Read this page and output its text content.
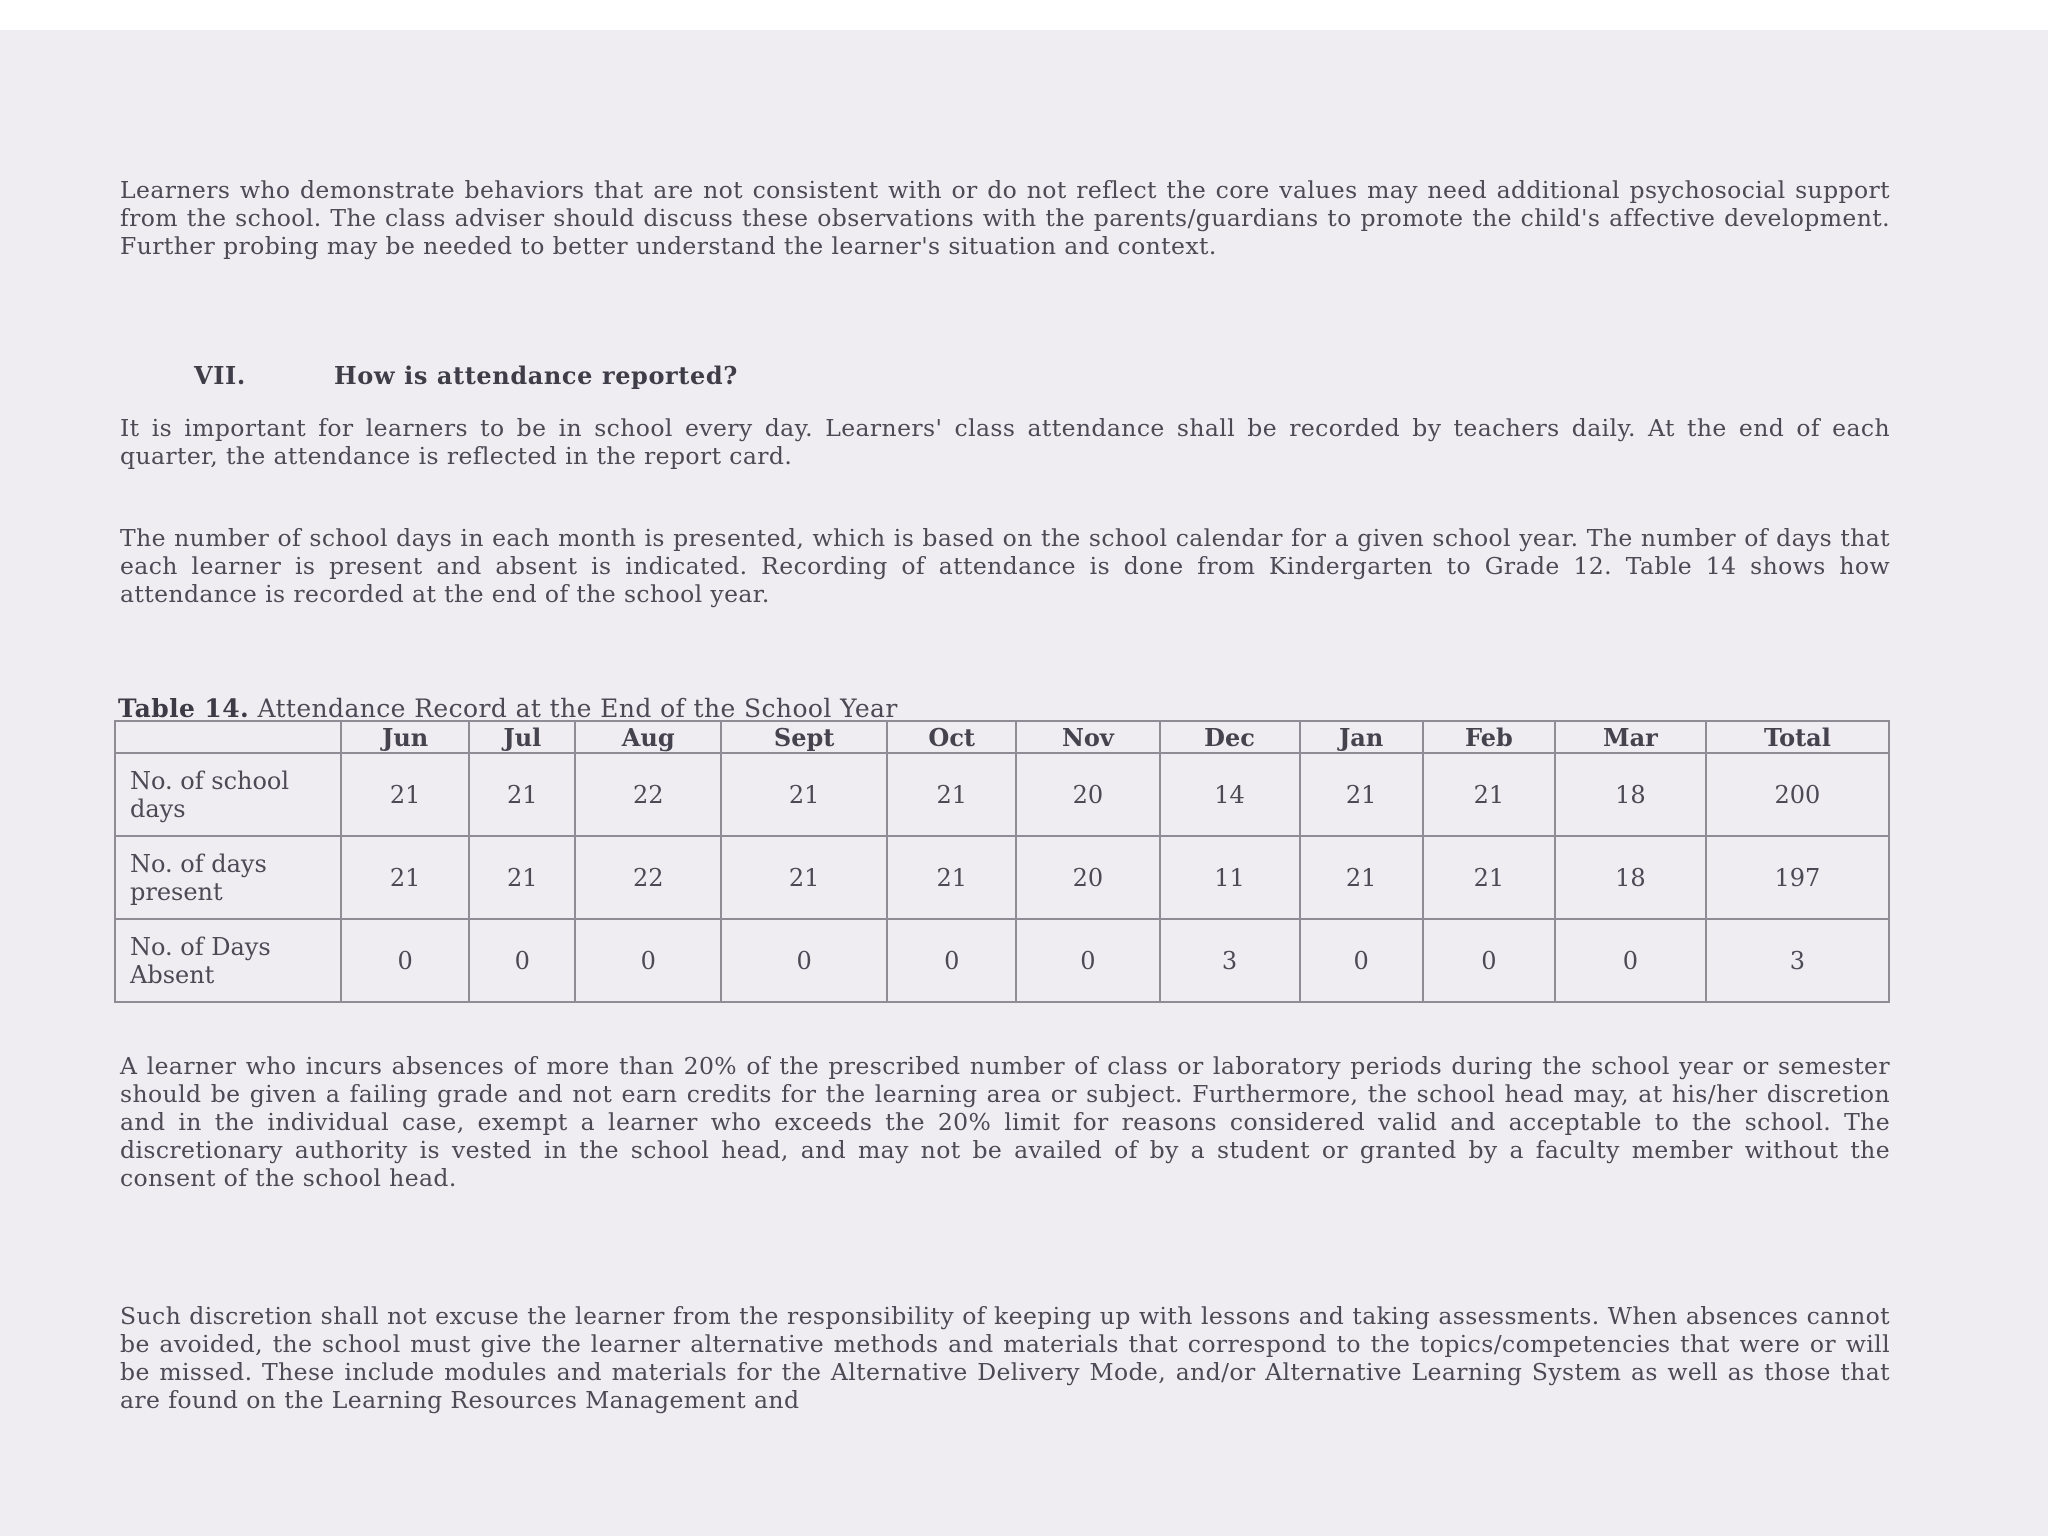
Learners who demonstrate behaviors that are not consistent with or do not reflect the core values may need additional psychosocial support from the school. The class adviser should discuss these observations with the parents/guardians to promote the child's affective development. Further probing may be needed to better understand the learner's situation and context.

VII.	How is attendance reported?

It is important for learners to be in school every day. Learners' class attendance shall be recorded by teachers daily. At the end of each quarter, the attendance is reflected in the report card.

The number of school days in each month is presented, which is based on the school calendar for a given school year. The number of days that each learner is present and absent is indicated. Recording of attendance is done from Kindergarten to Grade 12. Table 14 shows how attendance is recorded at the end of the school year.

Table 14. Attendance Record at the End of the School Year
	Jun	Jul	Aug	Sept	Oct	Nov	Dec	Jan	Feb	Mar	Total
No. of school days	21	21	22	21	21	20	14	21	21	18	200
No. of days present	21	21	22	21	21	20	11	21	21	18	197
No. of Days Absent	0	0	0	0	0	0	3	0	0	0	3

A learner who incurs absences of more than 20% of the prescribed number of class or laboratory periods during the school year or semester should be given a failing grade and not earn credits for the learning area or subject. Furthermore, the school head may, at his/her discretion and in the individual case, exempt a learner who exceeds the 20% limit for reasons considered valid and acceptable to the school. The discretionary authority is vested in the school head, and may not be availed of by a student or granted by a faculty member without the consent of the school head.

Such discretion shall not excuse the learner from the responsibility of keeping up with lessons and taking assessments. When absences cannot be avoided, the school must give the learner alternative methods and materials that correspond to the topics/competencies that were or will be missed. These include modules and materials for the Alternative Delivery Mode, and/or Alternative Learning System as well as those that are found on the Learning Resources Management and
